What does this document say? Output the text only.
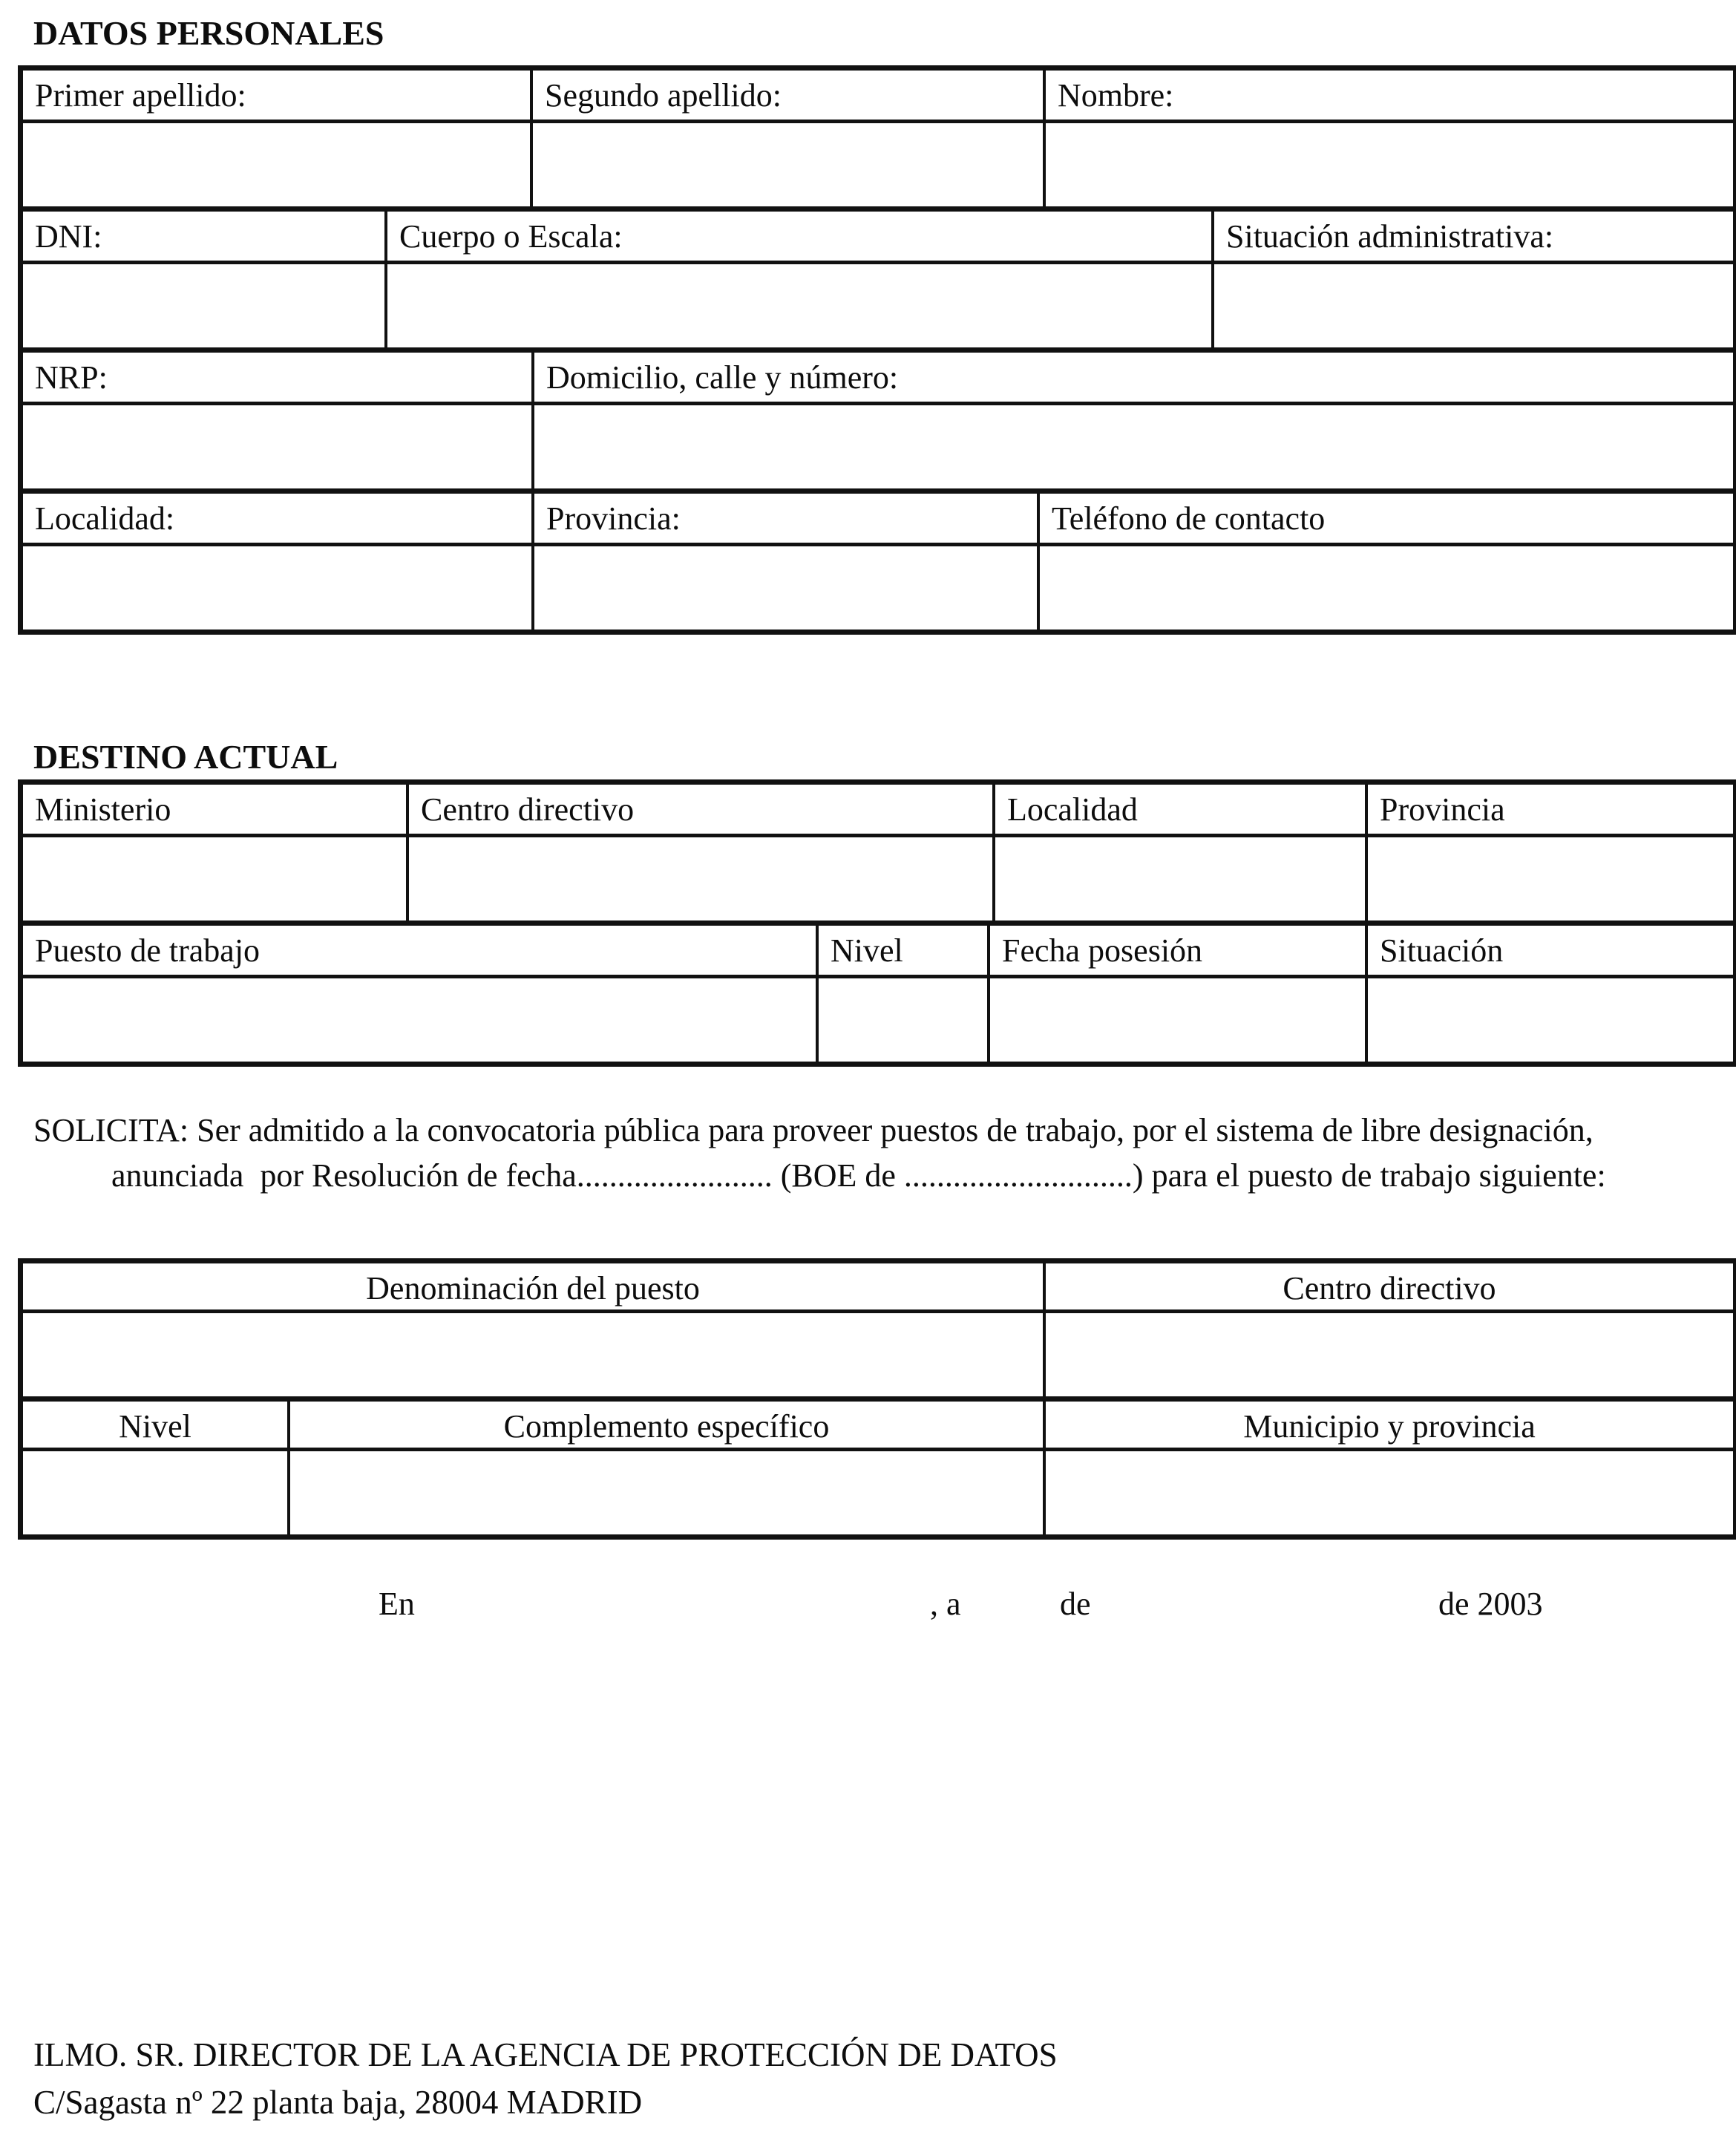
DATOS PERSONALES
Primer apellido:	Segundo apellido:	Nombre:
DNI:	Cuerpo o Escala:	Situación administrativa:
NRP:	Domicilio, calle y número:
Localidad:	Provincia:	Teléfono de contacto
DESTINO ACTUAL
Ministerio	Centro directivo	Localidad	Provincia
Puesto de trabajo	Nivel	Fecha posesión	Situación
SOLICITA: Ser admitido a la convocatoria pública para proveer puestos de trabajo, por el sistema de libre designación,
anunciada  por Resolución de fecha........................ (BOE de ............................) para el puesto de trabajo siguiente:
Denominación del puesto	Centro directivo
Nivel	Complemento específico	Municipio y provincia
En	, a	de	de 2003
ILMO. SR. DIRECTOR DE LA AGENCIA DE PROTECCIÓN DE DATOS
C/Sagasta nº 22 planta baja, 28004 MADRID
